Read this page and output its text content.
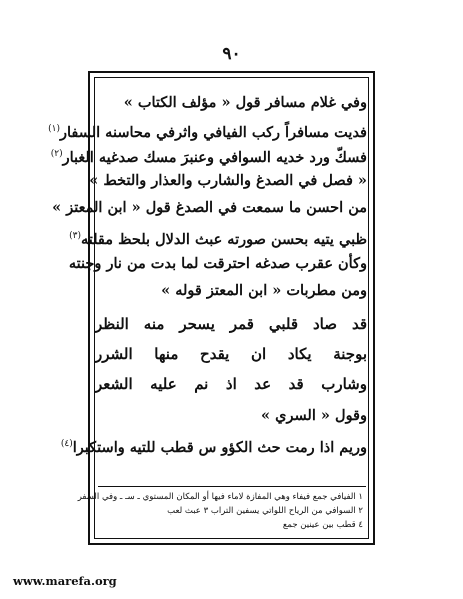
٩٠
وفي غلام مسافر قول « مؤلف الكتاب »
فديت مسافراً ركب الفيافي واثرفي محاسنه السفار$^{(١)}$
فسكّ ورد خديه السوافي وعنبرَ مسك صدغيه الغبار$^{(٢)}$
« فصل في الصدغ والشارب والعذار والتخط »
من احسن ما سمعت في الصدغ قول « ابن المعتز »
ظبي يتيه بحسن صورته عبث الدلال بلحظ مقلته$^{(٣)}$
وكأن عقرب صدغه احترقت لما بدت من نار وجنته
ومن مطربات « ابن المعتز قوله »
قد صاد قلبي قمر يسحر منه النظر
بوجنة يكاد ان يقدح منها الشرر
وشارب قد عد اذ نم عليه الشعر
وقول « السري »
وريم اذا رمت حث الكؤو س قطب للتيه واستكبرا$^{(٤)}$
١ الفيافي جمع فيفاء وهي المفازة لاماء فيها أو المكان المستوي ـ سـ ـ وفي السفر
٢ السوافي من الرياح اللواتي يسفين التراب ٣ عبث لعب
٤ قطب بين عينين جمع
www.marefa.org
